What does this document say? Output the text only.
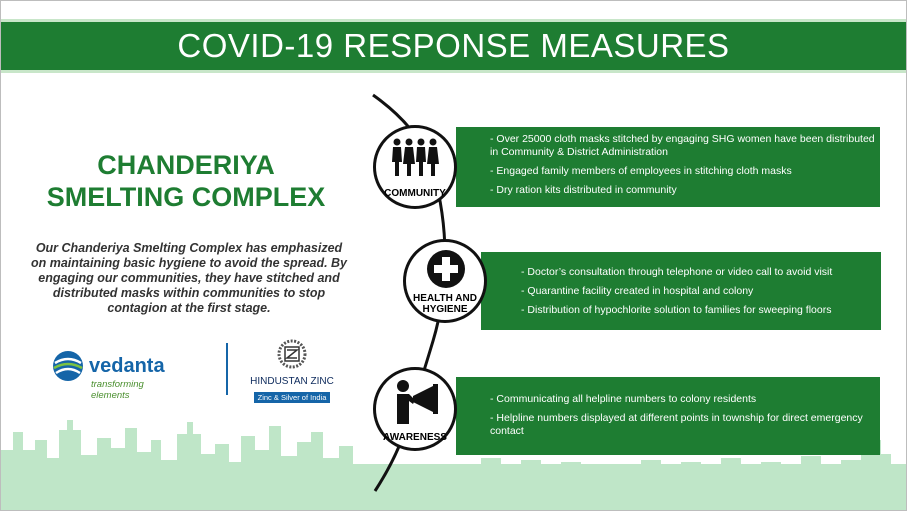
COVID-19 RESPONSE MEASURES
CHANDERIYA
SMELTING COMPLEX
Our Chanderiya Smelting Complex has emphasized on maintaining basic hygiene to avoid the spread. By engaging our communities, they have stitched and distributed masks within communities to stop contagion at the first stage.
vedanta
transforming elements
HINDUSTAN ZINC
Zinc & Silver of India
- Over 25000 cloth masks stitched by engaging SHG women have been distributed in Community & District Administration
- Engaged family members of employees in stitching cloth masks
- Dry ration kits distributed in community
- Doctor’s consultation through telephone or video call to avoid visit
- Quarantine facility created in hospital and colony
- Distribution of hypochlorite solution to families for sweeping floors
- Communicating all helpline numbers to colony residents
- Helpline numbers displayed at different points in township for direct emergency contact
COMMUNITY
HEALTH AND
HYGIENE
AWARENESS
